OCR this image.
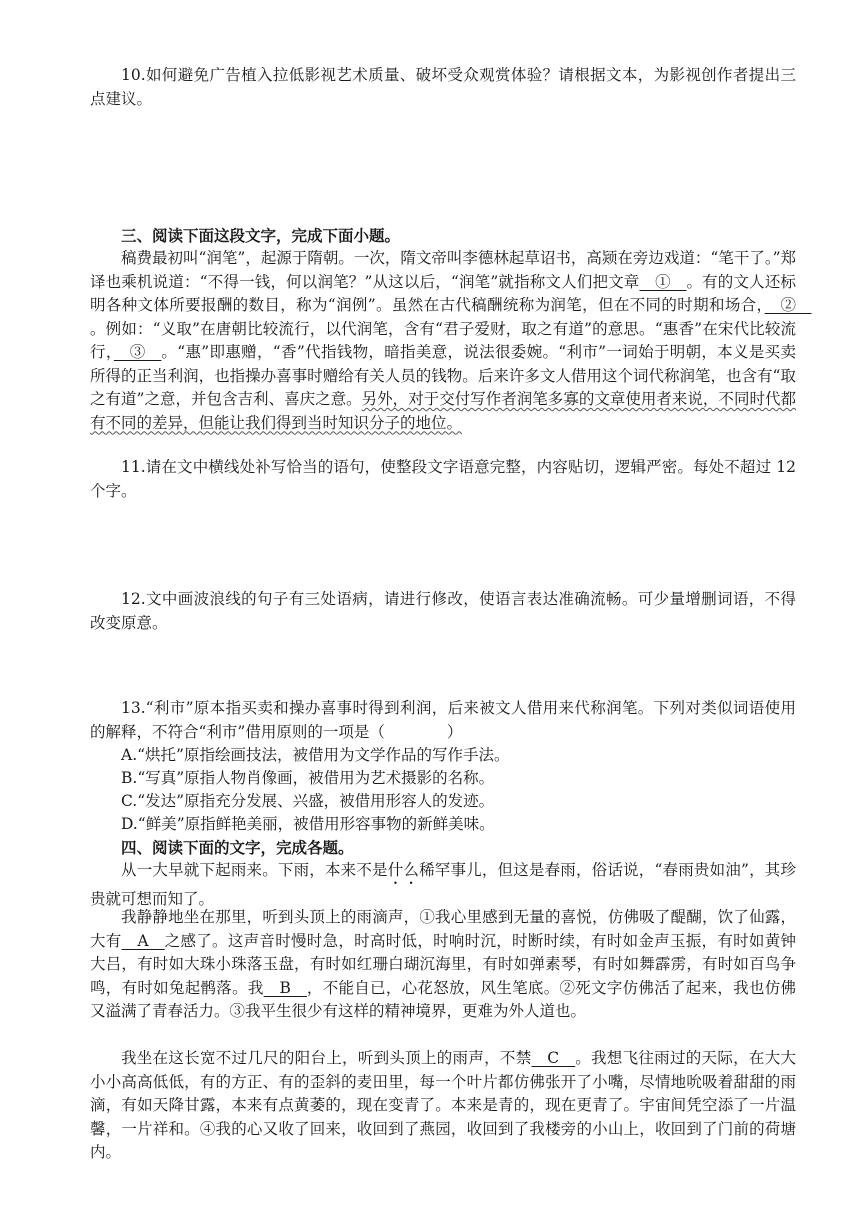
10.如何避免广告植入拉低影视艺术质量、破坏受众观赏体验？请根据文本，为影视创作者提出三点建议。

三、阅读下面这段文字，完成下面小题。

稿费最初叫“润笔”，起源于隋朝。一次，隋文帝叫李德林起草诏书，高颎在旁边戏道：“笔干了。”郑译也乘机说道：“不得一钱，何以润笔？”从这以后，“润笔”就指称文人们把文章　①　。有的文人还标明各种文体所要报酬的数目，称为“润例”。虽然在古代稿酬统称为润笔，但在不同的时期和场合，　②　。例如：“义取”在唐朝比较流行，以代润笔，含有“君子爱财，取之有道”的意思。“惠香”在宋代比较流行，　③　。“惠”即惠赠，“香”代指钱物，暗指美意，说法很委婉。“利市”一词始于明朝，本义是买卖所得的正当利润，也指操办喜事时赠给有关人员的钱物。后来许多文人借用这个词代称润笔，也含有“取之有道”之意，并包含吉利、喜庆之意。另外，对于交付写作者润笔多寡的文章使用者来说，不同时代都有不同的差异，但能让我们得到当时知识分子的地位。

11.请在文中横线处补写恰当的语句，使整段文字语意完整，内容贴切，逻辑严密。每处不超过 12 个字。

12.文中画波浪线的句子有三处语病，请进行修改，使语言表达准确流畅。可少量增删词语，不得改变原意。

13.“利市”原本指买卖和操办喜事时得到利润，后来被文人借用来代称润笔。下列对类似词语使用的解释，不符合“利市”借用原则的一项是（　　　　）

A.“烘托”原指绘画技法，被借用为文学作品的写作手法。

B.“写真”原指人物肖像画，被借用为艺术摄影的名称。

C.“发达”原指充分发展、兴盛，被借用形容人的发迹。

D.“鲜美”原指鲜艳美丽，被借用形容事物的新鲜美味。

四、阅读下面的文字，完成各题。

从一大早就下起雨来。下雨，本来不是什么稀罕事儿，但这是春雨，俗话说，“春雨贵如油”，其珍贵就可想而知了。

我静静地坐在那里，听到头顶上的雨滴声，①我心里感到无量的喜悦，仿佛吸了醍醐，饮了仙露，大有　A　之感了。这声音时慢时急，时高时低，时响时沉，时断时续，有时如金声玉振，有时如黄钟大吕，有时如大珠小珠落玉盘，有时如红珊白瑚沉海里，有时如弹素琴，有时如舞霹雳，有时如百鸟争鸣，有时如兔起鹘落。我　B　，不能自已，心花怒放，风生笔底。②死文字仿佛活了起来，我也仿佛又溢满了青春活力。③我平生很少有这样的精神境界，更难为外人道也。

我坐在这长宽不过几尺的阳台上，听到头顶上的雨声，不禁　C　。我想飞往雨过的天际，在大大小小高高低低，有的方正、有的歪斜的麦田里，每一个叶片都仿佛张开了小嘴，尽情地吮吸着甜甜的雨滴，有如天降甘露，本来有点黄萎的，现在变青了。本来是青的，现在更青了。宇宙间凭空添了一片温馨，一片祥和。④我的心又收了回来，收回到了燕园，收回到了我楼旁的小山上，收回到了门前的荷塘内。
